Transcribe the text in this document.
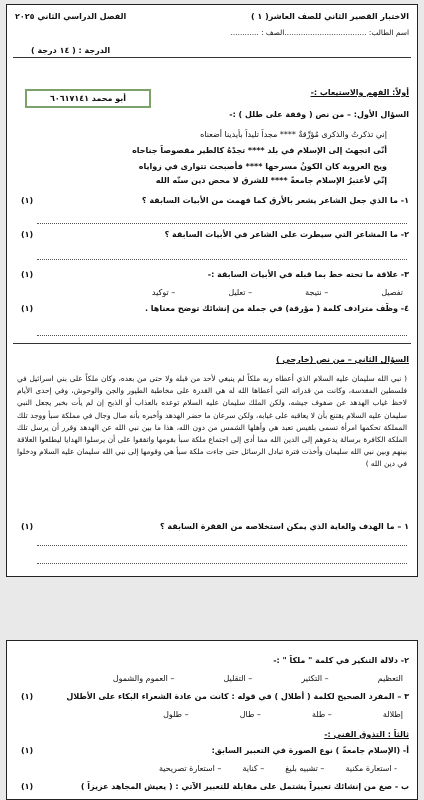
الاختبار القصير الثاني للصف العاشر( ١ )
الفصل الدراسي الثاني ٢٠٢٥
اسم الطالب: ...................................الصف : ............
الدرجة : ( ١٤ درجة )
أبو محمد ٦٠٦١٧١٤١
أولاً: الفهم والاستيعاب :-
السؤال الأول: – من نص ( وقفة على طلل ) :-
إني تذكرتُ والذكرى مُؤرِّقةٌ **** مجداً تليداً بأيدينا أضعناه
أنّى اتجهتَ إلى الإسلام في بلد **** تجدْهُ كالطير مقصوصاً جناحاه
ويح العروبة كان الكونُ مسرحها **** فأصبحت تتوارى في زواياه
إنّي لأعتبرُ الإسلام جامعةً **** للشرق لا محض دين سنّه الله
١- ما الذي جعل الشاعر يشعر بالأرق كما فهمت من الأبيات السابقة ؟
(١)
٢- ما المشاعر التي سيطرت على الشاعر في الأبيات السابقة ؟
(١)
٣- علاقة ما تحته خط بما قبله في الأبيات السابقة :-
(١)
تفصيل  – نتيجة  – تعليل  – توكيد
٤- وظّف مترادف كلمة ( مؤرقة) في جملة من إنشائك توضح معناها .
(١)
السؤال الثاني – من نص (خارجي )
( نبي الله سليمان عليه السلام الذي أعطاه ربه ملكاً لم ينبغي لأحد من قبله ولا حتى من بعده، وكان ملكاً على بني اسرائيل في فلسطين المقدسة، وكانت من قدراته التي أعطاها الله له هي القدرة على مخاطبة الطيور والجن والوحوش، وفي إحدى الأيام لاحظ غياب الهدهد عن صفوف جيشه، ولكن الملك سليمان عليه السلام توعده بالعذاب أو الذبح إن لم يأت بخبر يجعل النبي سليمان عليه السلام يقتنع بأن لا يعاقبه على غيابه، ولكن سرعان ما حضر الهدهد وأخبره بأنه صال وجال في مملكة سبأ ووجد تلك المملكة تحكمها امرأة تسمى بلقيس تعبد هي وأهلها الشمس من دون الله، هذا ما بين نبي الله عن الهدهد وقرر أن يرسل تلك الملكة الكافرة برسالة يدعوهم إلى الدين الله مما أدى إلى اجتماع ملكة سبأ بقومها واتفقوا على أن يرسلوا الهدايا ليطلعوا العلاقة بينهم وبين نبي الله سليمان وأخذت فترة تبادل الرسائل حتى جاءت ملكة سبأ هي وقومها إلى نبي الله سليمان عليه السلام ودخلوا في دين الله )
١ – ما الهدف والغاية الذي يمكن استخلاصه من الفقرة السابقة ؟
(١)
٢- دلالة التنكير في كلمة " ملكاً " :-
التعظيم  – التكثير  – التقليل  – العموم والشمول
٣ – المفرد الصحيح لكلمة ( أطلال ) في قوله : كانت من عادة الشعراء البكاء على الأطلال
(١)
إطلالة  – طلة  – طال  – طلول
ثالثاً : التذوق الفني :-
أ- (الإسلام جامعةً ) نوع الصورة في التعبير السابق:
(١)
- استعارة مكنية  – تشبيه بليغ  – كناية  – استعارة تصريحية
ب - صغ من إنشائك تعبيراً يشتمل على مقابلة للتعبير الآتي : ( يعيش المجاهد عزيزاً )
(١)
